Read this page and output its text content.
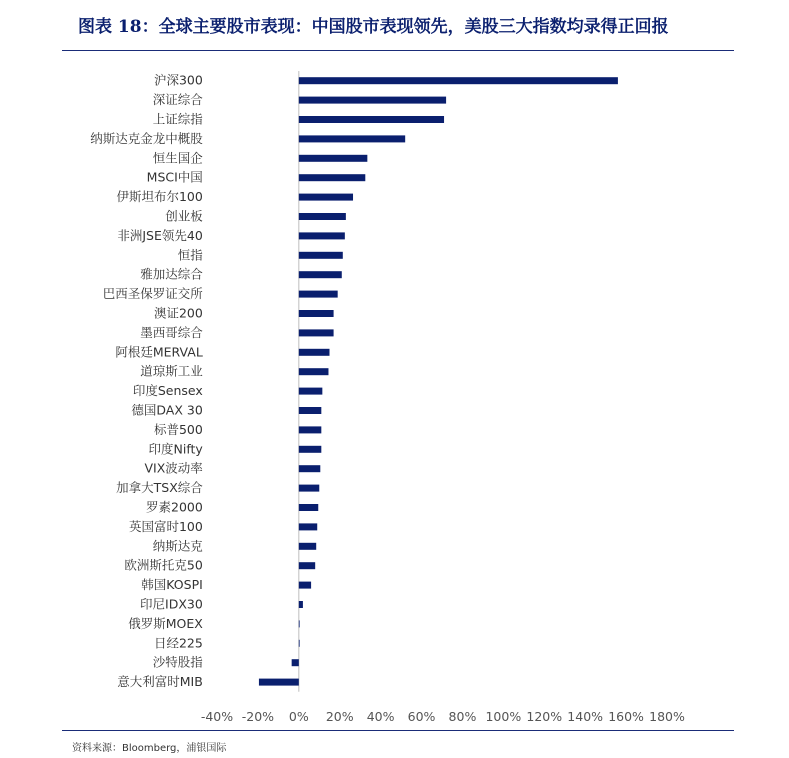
图表 18：全球主要股市表现：中国股市表现领先，美股三大指数均录得正回报
沪深300
深证综合
上证综指
纳斯达克金龙中概股
恒生国企
MSCI中国
伊斯坦布尔100
创业板
非洲JSE领先40
恒指
雅加达综合
巴西圣保罗证交所
澳证200
墨西哥综合
阿根廷MERVAL
道琼斯工业
印度Sensex
德国DAX 30
标普500
印度Nifty
VIX波动率
加拿大TSX综合
罗素2000
英国富时100
纳斯达克
欧洲斯托克50
韩国KOSPI
印尼IDX30
俄罗斯MOEX
日经225
沙特股指
意大利富时MIB
-40% -20% 0% 20% 40% 60% 80% 100% 120% 140% 160% 180%
资料来源：Bloomberg，浦银国际
